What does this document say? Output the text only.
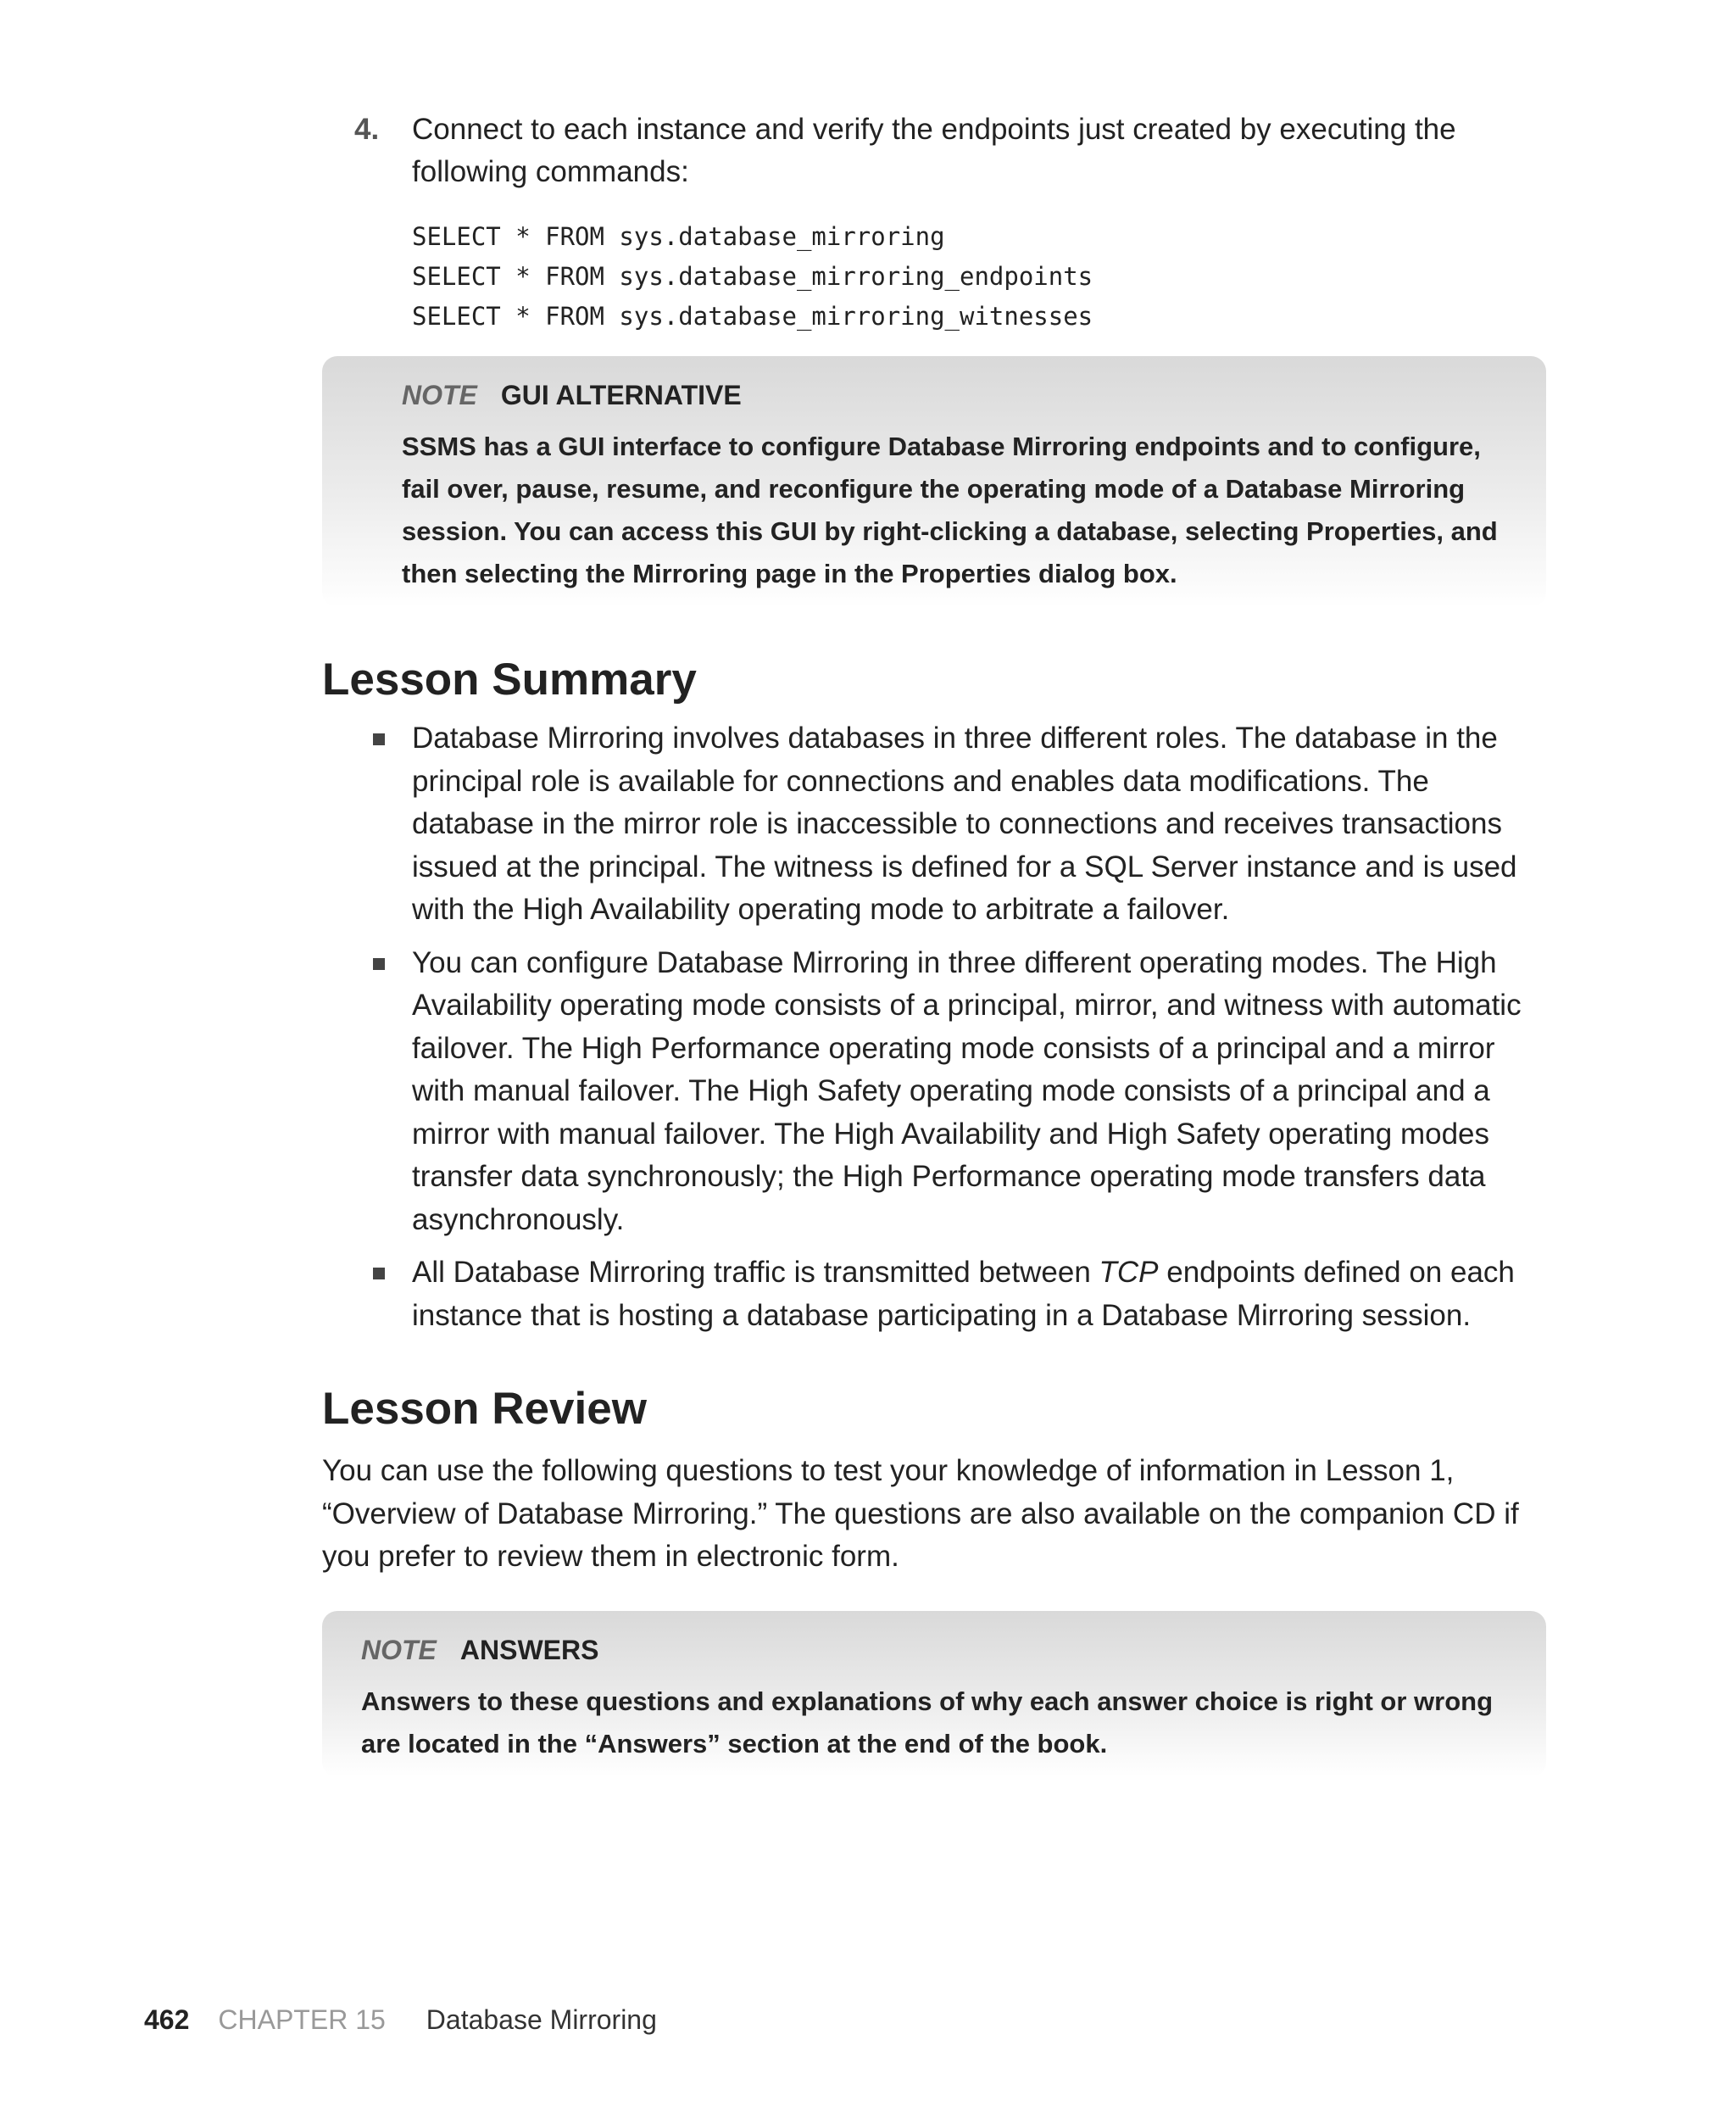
4. Connect to each instance and verify the endpoints just created by executing the following commands:
SELECT * FROM sys.database_mirroring
SELECT * FROM sys.database_mirroring_endpoints
SELECT * FROM sys.database_mirroring_witnesses
NOTE GUI ALTERNATIVE
SSMS has a GUI interface to configure Database Mirroring endpoints and to configure, fail over, pause, resume, and reconfigure the operating mode of a Database Mirroring session. You can access this GUI by right-clicking a database, selecting Properties, and then selecting the Mirroring page in the Properties dialog box.
Lesson Summary
Database Mirroring involves databases in three different roles. The database in the principal role is available for connections and enables data modifications. The database in the mirror role is inaccessible to connections and receives transactions issued at the principal. The witness is defined for a SQL Server instance and is used with the High Availability operating mode to arbitrate a failover.
You can configure Database Mirroring in three different operating modes. The High Availability operating mode consists of a principal, mirror, and witness with automatic failover. The High Performance operating mode consists of a principal and a mirror with manual failover. The High Safety operating mode consists of a principal and a mirror with manual failover. The High Availability and High Safety operating modes transfer data synchronously; the High Performance operating mode transfers data asynchronously.
All Database Mirroring traffic is transmitted between TCP endpoints defined on each instance that is hosting a database participating in a Database Mirroring session.
Lesson Review
You can use the following questions to test your knowledge of information in Lesson 1, “Overview of Database Mirroring.” The questions are also available on the companion CD if you prefer to review them in electronic form.
NOTE ANSWERS
Answers to these questions and explanations of why each answer choice is right or wrong are located in the “Answers” section at the end of the book.
462 CHAPTER 15 Database Mirroring
